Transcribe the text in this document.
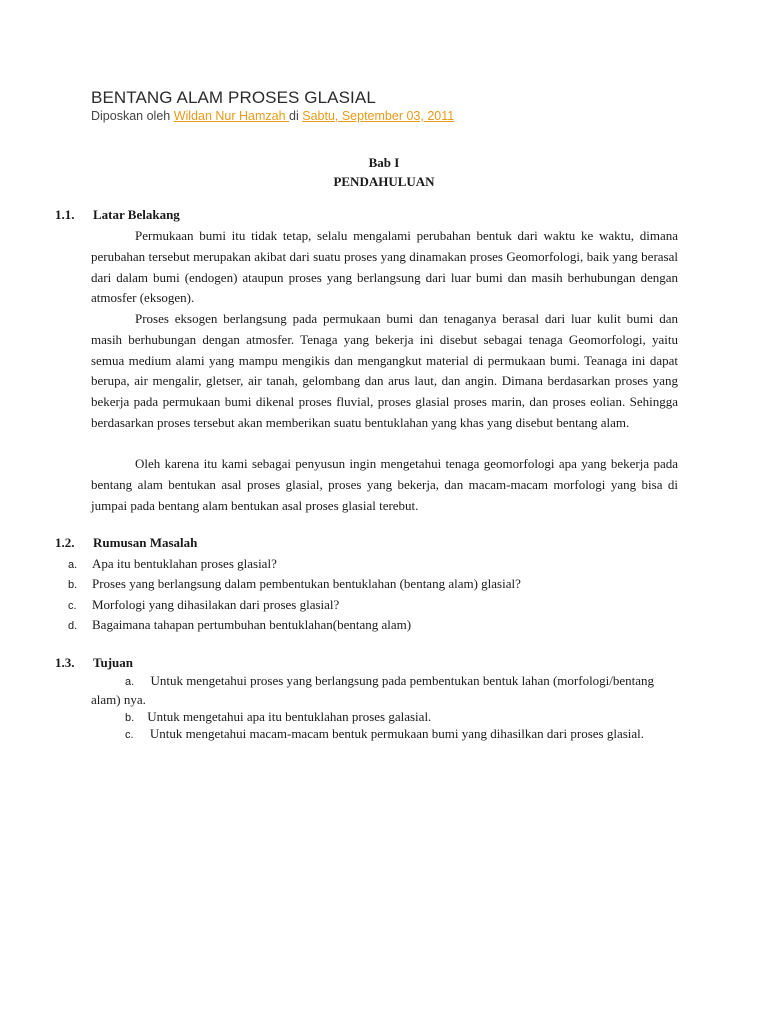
BENTANG ALAM PROSES GLASIAL
Diposkan oleh Wildan Nur Hamzah di Sabtu, September 03, 2011
Bab I
PENDAHULUAN
1.1. Latar Belakang

Permukaan bumi itu tidak tetap, selalu mengalami perubahan bentuk dari waktu ke waktu, dimana perubahan tersebut merupakan akibat dari suatu proses yang dinamakan proses Geomorfologi, baik yang berasal dari dalam bumi (endogen) ataupun proses yang berlangsung dari luar bumi dan masih berhubungan dengan atmosfer (eksogen).

Proses eksogen berlangsung pada permukaan bumi dan tenaganya berasal dari luar kulit bumi dan masih berhubungan dengan atmosfer. Tenaga yang bekerja ini disebut sebagai tenaga Geomorfologi, yaitu semua medium alami yang mampu mengikis dan mengangkut material di permukaan bumi. Teanaga ini dapat berupa, air mengalir, gletser, air tanah, gelombang dan arus laut, dan angin. Dimana berdasarkan proses yang bekerja pada permukaan bumi dikenal proses fluvial, proses glasial proses marin, dan proses eolian. Sehingga berdasarkan proses tersebut akan memberikan suatu bentuklahan yang khas yang disebut bentang alam.

Oleh karena itu kami sebagai penyusun ingin mengetahui tenaga geomorfologi apa yang bekerja pada bentang alam bentukan asal proses glasial, proses yang bekerja, dan macam-macam morfologi yang bisa di jumpai pada bentang alam bentukan asal proses glasial terebut.

1.2. Rumusan Masalah
a. Apa itu bentuklahan proses glasial?
b. Proses yang berlangsung dalam pembentukan bentuklahan (bentang alam) glasial?
c. Morfologi yang dihasilakan dari proses glasial?
d. Bagaimana tahapan pertumbuhan bentuklahan(bentang alam)
1.3. Tujuan

a. Untuk mengetahui proses yang berlangsung pada pembentukan bentuk lahan (morfologi/bentang alam) nya.

b. Untuk mengetahui apa itu bentuklahan proses galasial.

c. Untuk mengetahui macam-macam bentuk permukaan bumi yang dihasilkan dari proses glasial.
